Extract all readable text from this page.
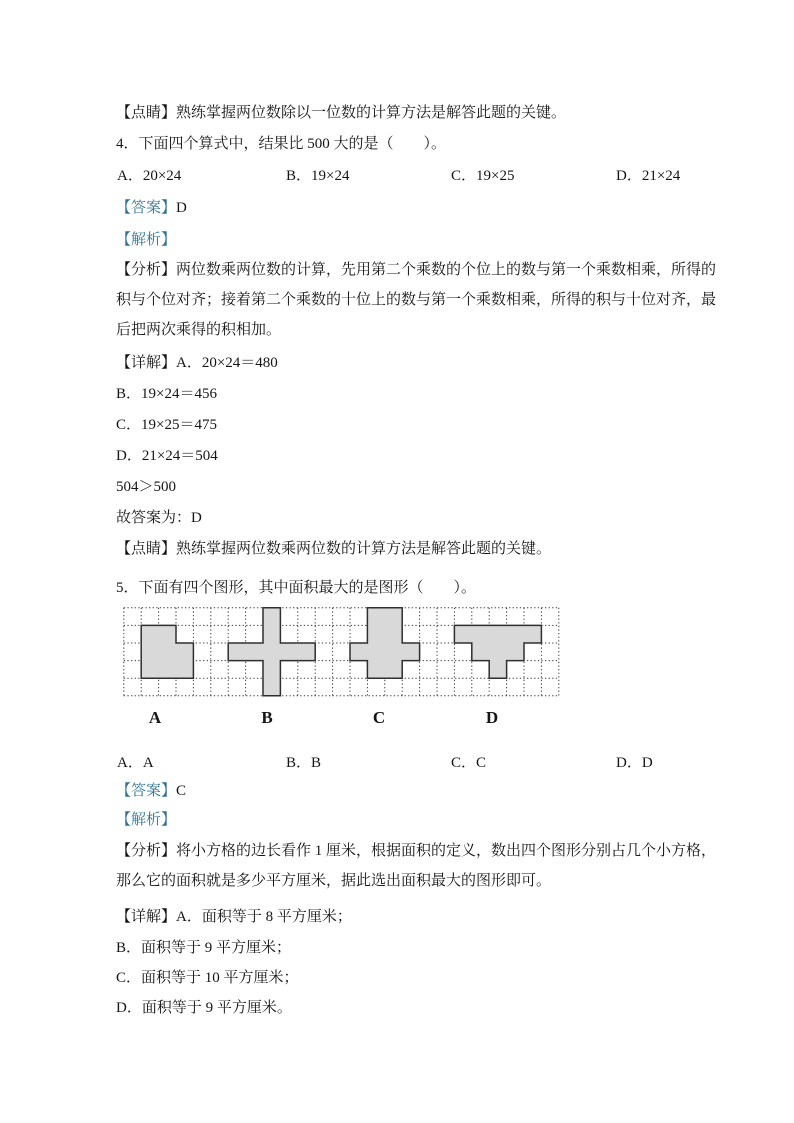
【点睛】熟练掌握两位数除以一位数的计算方法是解答此题的关键。
4．下面四个算式中，结果比 500 大的是（　　）。
A．20×24	B．19×24	C．19×25	D．21×24
【答案】D
【解析】
【分析】两位数乘两位数的计算，先用第二个乘数的个位上的数与第一个乘数相乘，所得的
积与个位对齐；接着第二个乘数的十位上的数与第一个乘数相乘，所得的积与十位对齐，最
后把两次乘得的积相加。
【详解】A．20×24＝480
B．19×24＝456
C．19×25＝475
D．21×24＝504
504＞500
故答案为：D
【点睛】熟练掌握两位数乘两位数的计算方法是解答此题的关键。
5．下面有四个图形，其中面积最大的是图形（　　）。
A	B	C	D
A．A	B．B	C．C	D．D
【答案】C
【解析】
【分析】将小方格的边长看作 1 厘米，根据面积的定义，数出四个图形分别占几个小方格，
那么它的面积就是多少平方厘米，据此选出面积最大的图形即可。
【详解】A．面积等于 8 平方厘米；
B．面积等于 9 平方厘米；
C．面积等于 10 平方厘米；
D．面积等于 9 平方厘米。
